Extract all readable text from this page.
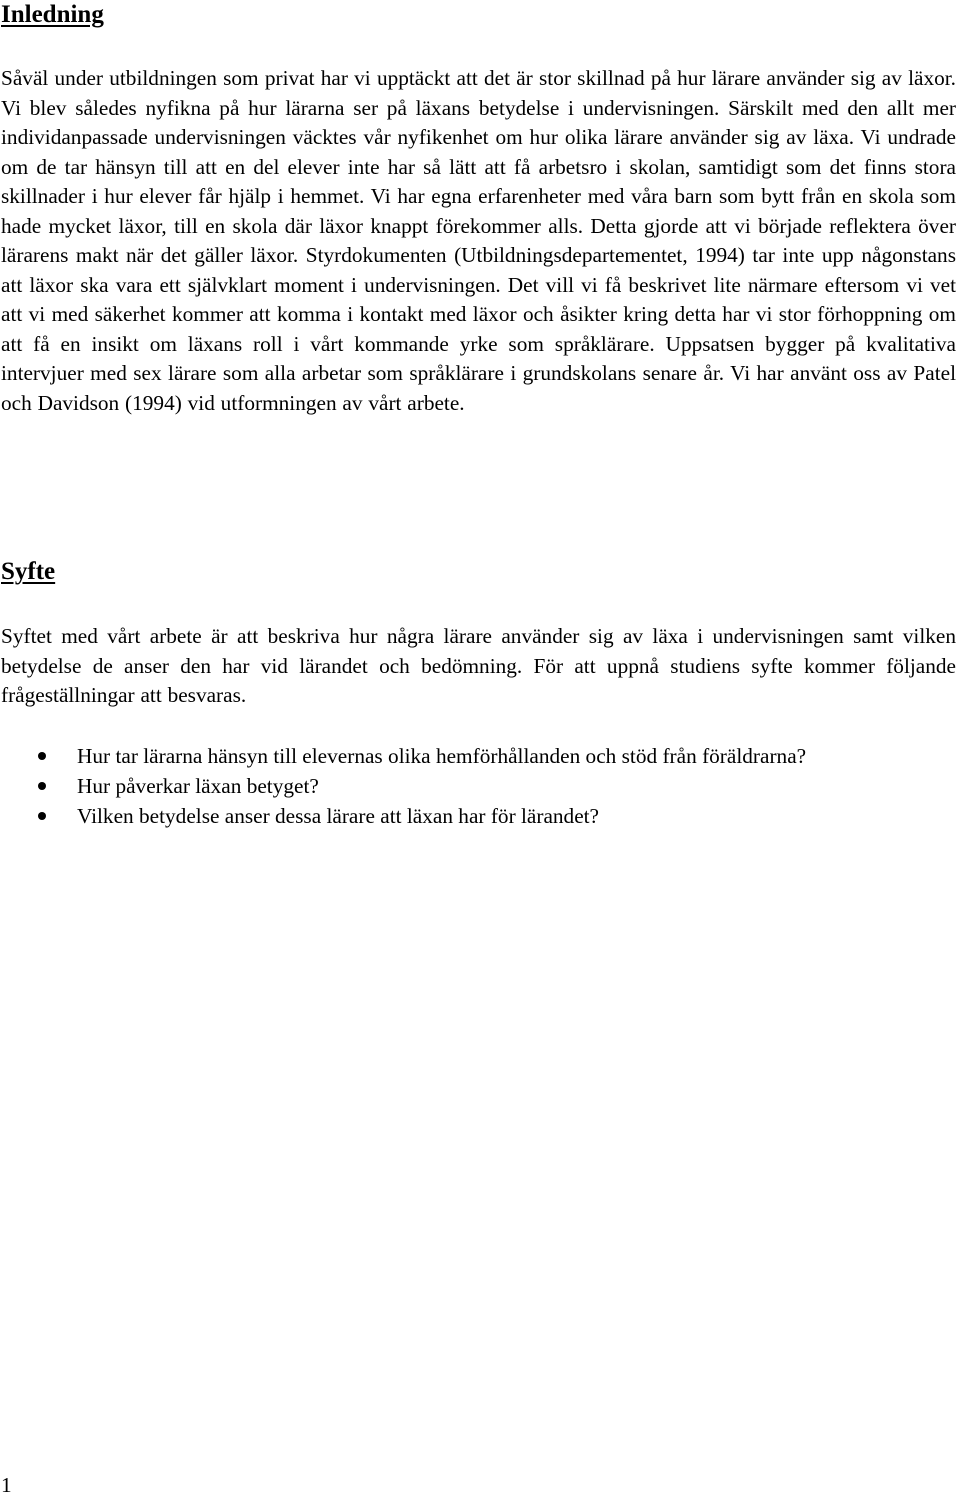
Inledning

Såväl under utbildningen som privat har vi upptäckt att det är stor skillnad på hur lärare använder sig av läxor. Vi blev således nyfikna på hur lärarna ser på läxans betydelse i undervisningen. Särskilt med den allt mer individanpassade undervisningen väcktes vår nyfikenhet om hur olika lärare använder sig av läxa. Vi undrade om de tar hänsyn till att en del elever inte har så lätt att få arbetsro i skolan, samtidigt som det finns stora skillnader i hur elever får hjälp i hemmet. Vi har egna erfarenheter med våra barn som bytt från en skola som hade mycket läxor, till en skola där läxor knappt förekommer alls. Detta gjorde att vi började reflektera över lärarens makt när det gäller läxor. Styrdokumenten (Utbildningsdepartementet, 1994) tar inte upp någonstans att läxor ska vara ett självklart moment i undervisningen. Det vill vi få beskrivet lite närmare eftersom vi vet att vi med säkerhet kommer att komma i kontakt med läxor och åsikter kring detta har vi stor förhoppning om att få en insikt om läxans roll i vårt kommande yrke som språklärare. Uppsatsen bygger på kvalitativa intervjuer med sex lärare som alla arbetar som språklärare i grundskolans senare år. Vi har använt oss av Patel och Davidson (1994) vid utformningen av vårt arbete.

Syfte

Syftet med vårt arbete är att beskriva hur några lärare använder sig av läxa i undervisningen samt vilken betydelse de anser den har vid lärandet och bedömning. För att uppnå studiens syfte kommer följande frågeställningar att besvaras.

Hur tar lärarna hänsyn till elevernas olika hemförhållanden och stöd från föräldrarna?
Hur påverkar läxan betyget?
Vilken betydelse anser dessa lärare att läxan har för lärandet?
1
